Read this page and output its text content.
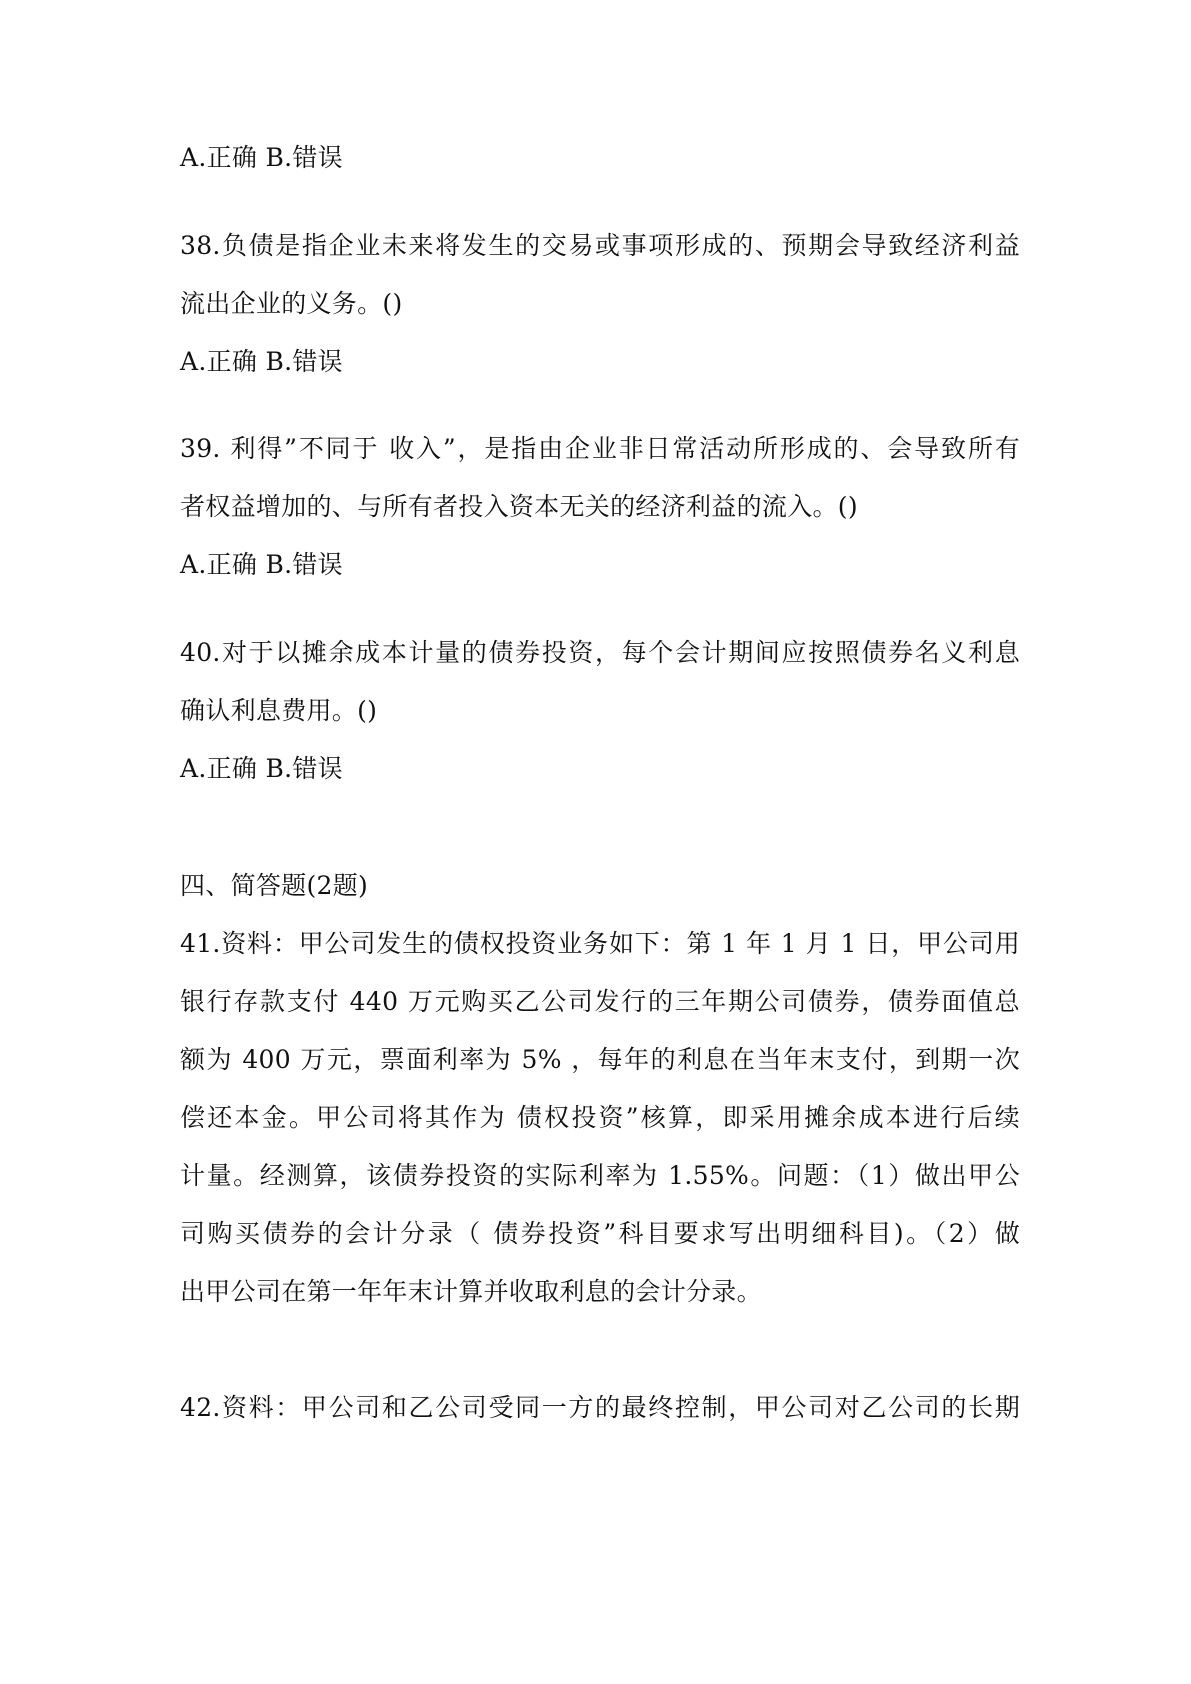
A.正确 B.错误
38.负债是指企业未来将发生的交易或事项形成的、预期会导致经济利益
流出企业的义务。()
A.正确 B.错误
39. 利得”不同于 收入”，是指由企业非日常活动所形成的、会导致所有
者权益增加的、与所有者投入资本无关的经济利益的流入。()
A.正确 B.错误
40.对于以摊余成本计量的债券投资，每个会计期间应按照债券名义利息
确认利息费用。()
A.正确 B.错误
四、简答题(2题)
41.资料：甲公司发生的债权投资业务如下：第 1 年 1 月 1 日，甲公司用
银行存款支付 440 万元购买乙公司发行的三年期公司债券，债券面值总
额为 400 万元，票面利率为 5% ，每年的利息在当年末支付，到期一次
偿还本金。甲公司将其作为 债权投资”核算，即采用摊余成本进行后续
计量。经测算，该债券投资的实际利率为 1.55%。问题：（1）做出甲公
司购买债券的会计分录（ 债券投资”科目要求写出明细科目)。（2）做
出甲公司在第一年年末计算并收取利息的会计分录。
42.资料：甲公司和乙公司受同一方的最终控制，甲公司对乙公司的长期
